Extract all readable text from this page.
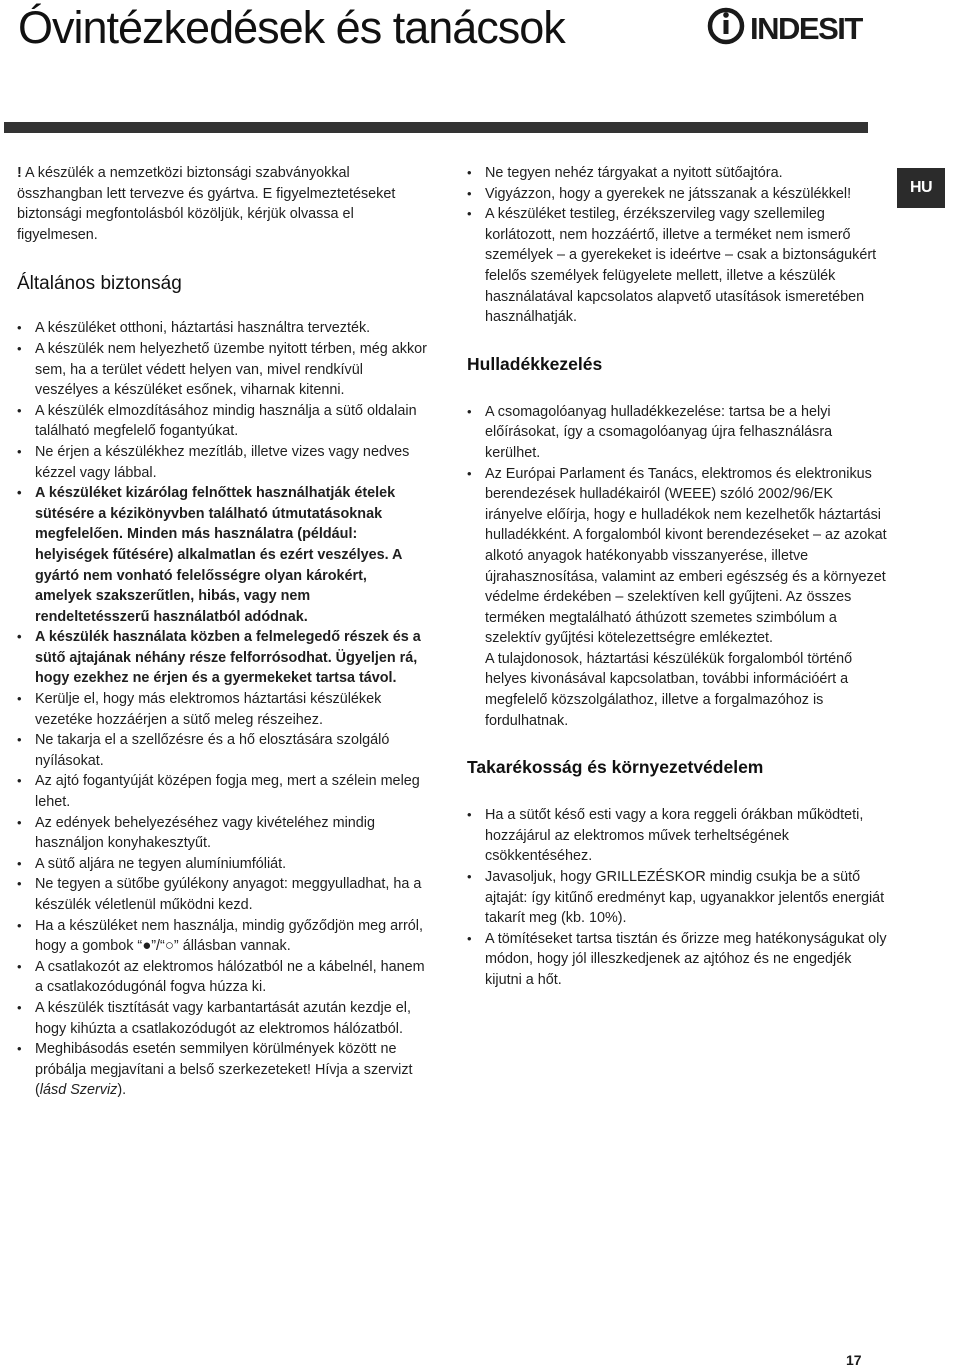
Óvintézkedések és tanácsok	INDESIT
HU

! A készülék a nemzetközi biztonsági szabványokkal összhangban lett tervezve és gyártva. E figyelmeztetéseket biztonsági megfontolásból közöljük, kérjük olvassa el figyelmesen.

Általános biztonság
• A készüléket otthoni, háztartási használtra tervezték.
• A készülék nem helyezhető üzembe nyitott térben, még akkor sem, ha a terület védett helyen van, mivel rendkívül veszélyes a készüléket esőnek, viharnak kitenni.
• A készülék elmozdításához mindig használja a sütő oldalain található megfelelő fogantyúkat.
• Ne érjen a készülékhez mezítláb, illetve vizes vagy nedves kézzel vagy lábbal.
• A készüléket kizárólag felnőttek használhatják ételek sütésére a kézikönyvben található útmutatásoknak megfelelően. Minden más használatra (például: helyiségek fűtésére) alkalmatlan és ezért veszélyes. A gyártó nem vonható felelősségre olyan károkért, amelyek szakszerűtlen, hibás, vagy nem rendeltetésszerű használatból adódnak.
• A készülék használata közben a felmelegedő részek és a sütő ajtajának néhány része felforrósodhat. Ügyeljen rá, hogy ezekhez ne érjen és a gyermekeket tartsa távol.
• Kerülje el, hogy más elektromos háztartási készülékek vezetéke hozzáérjen a sütő meleg részeihez.
• Ne takarja el a szellőzésre és a hő elosztására szolgáló nyílásokat.
• Az ajtó fogantyúját középen fogja meg, mert a szélein meleg lehet.
• Az edények behelyezéséhez vagy kivételéhez mindig használjon konyhakesztyűt.
• A sütő aljára ne tegyen alumíniumfóliát.
• Ne tegyen a sütőbe gyúlékony anyagot: meggyulladhat, ha a készülék véletlenül működni kezd.
• Ha a készüléket nem használja, mindig győződjön meg arról, hogy a gombok “●”/“○” állásban vannak.
• A csatlakozót az elektromos hálózatból ne a kábelnél, hanem a csatlakozódugónál fogva húzza ki.
• A készülék tisztítását vagy karbantartását azután kezdje el, hogy kihúzta a csatlakozódugót az elektromos hálózatból.
• Meghibásodás esetén semmilyen körülmények között ne próbálja megjavítani a belső szerkezeteket! Hívja a szervizt (lásd Szerviz).
• Ne tegyen nehéz tárgyakat a nyitott sütőajtóra.
• Vigyázzon, hogy a gyerekek ne játsszanak a készülékkel!
• A készüléket testileg, érzékszervileg vagy szellemileg korlátozott, nem hozzáértő, illetve a terméket nem ismerő személyek – a gyerekeket is ideértve – csak a biztonságukért felelős személyek felügyelete mellett, illetve a készülék használatával kapcsolatos alapvető utasítások ismeretében használhatják.
Hulladékkezelés
• A csomagolóanyag hulladékkezelése: tartsa be a helyi előírásokat, így a csomagolóanyag újra felhasználásra kerülhet.
• Az Európai Parlament és Tanács, elektromos és elektronikus berendezések hulladékairól (WEEE) szóló 2002/96/EK irányelve előírja, hogy e hulladékok nem kezelhetők háztartási hulladékként. A forgalomból kivont berendezéseket – az azokat alkotó anyagok hatékonyabb visszanyerése, illetve újrahasznosítása, valamint az emberi egészség és a környezet védelme érdekében – szelektíven kell gyűjteni. Az összes terméken megtalálható áthúzott szemetes szimbólum a szelektív gyűjtési kötelezettségre emlékeztet.

A tulajdonosok, háztartási készülékük forgalomból történő helyes kivonásával kapcsolatban, további információért a megfelelő közszolgálathoz, illetve a forgalmazóhoz is fordulhatnak.

Takarékosság és környezetvédelem
• Ha a sütőt késő esti vagy a kora reggeli órákban működteti, hozzájárul az elektromos művek terheltségének csökkentéséhez.
• Javasoljuk, hogy GRILLEZÉSKOR mindig csukja be a sütő ajtaját: így kitűnő eredményt kap, ugyanakkor jelentős energiát takarít meg (kb. 10%).
• A tömítéseket tartsa tisztán és őrizze meg hatékonyságukat oly módon, hogy jól illeszkedjenek az ajtóhoz és ne engedjék kijutni a hőt.
17
